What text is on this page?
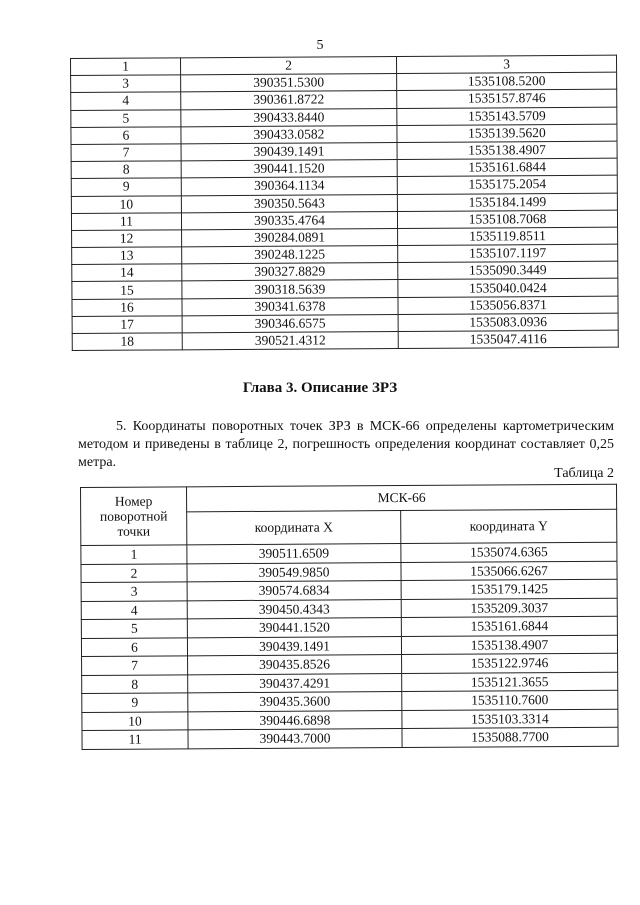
5
1	2	3
3	390351.5300	1535108.5200
4	390361.8722	1535157.8746
5	390433.8440	1535143.5709
6	390433.0582	1535139.5620
7	390439.1491	1535138.4907
8	390441.1520	1535161.6844
9	390364.1134	1535175.2054
10	390350.5643	1535184.1499
11	390335.4764	1535108.7068
12	390284.0891	1535119.8511
13	390248.1225	1535107.1197
14	390327.8829	1535090.3449
15	390318.5639	1535040.0424
16	390341.6378	1535056.8371
17	390346.6575	1535083.0936
18	390521.4312	1535047.4116
Глава 3. Описание ЗРЗ

5. Координаты поворотных точек ЗРЗ в МСК-66 определены картометрическим методом и приведены в таблице 2, погрешность определения координат составляет 0,25 метра.

Таблица 2
Номер поворотной точки	МСК-66	
	координата X	координата Y
1	390511.6509	1535074.6365
2	390549.9850	1535066.6267
3	390574.6834	1535179.1425
4	390450.4343	1535209.3037
5	390441.1520	1535161.6844
6	390439.1491	1535138.4907
7	390435.8526	1535122.9746
8	390437.4291	1535121.3655
9	390435.3600	1535110.7600
10	390446.6898	1535103.3314
11	390443.7000	1535088.7700
